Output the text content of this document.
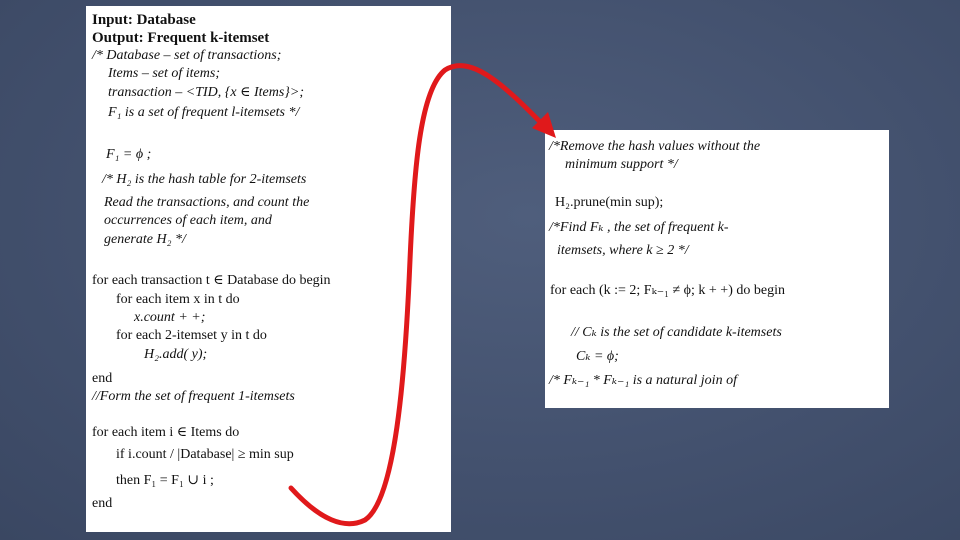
Input: Database
Output: Frequent k-itemset
/* Database – set of transactions;
Items – set of items;
transaction – <TID, {x ∈ Items}>;
F₁ is a set of frequent l-itemsets */
F₁ = ϕ ;
/* H₂ is the hash table for 2-itemsets
Read the transactions, and count the
occurrences of each item, and
generate H₂ */
for each transaction t ∈ Database do begin
for each item x in t do
x.count + +;
for each 2-itemset y in t do
H₂.add( y);
end
//Form the set of frequent 1-itemsets
for each item i ∈ Items do
if i.count / |Database| ≥ min sup
then F₁ = F₁ ∪ i ;
end
/*Remove the hash values without the
minimum support */
H₂.prune(min sup);
/*Find Fₖ , the set of frequent k-
itemsets, where k ≥ 2 */
for each (k := 2; Fₖ₋₁ ≠ ϕ; k + +) do begin
// Cₖ is the set of candidate k-itemsets
Cₖ = ϕ;
/* Fₖ₋₁ * Fₖ₋₁ is a natural join of
